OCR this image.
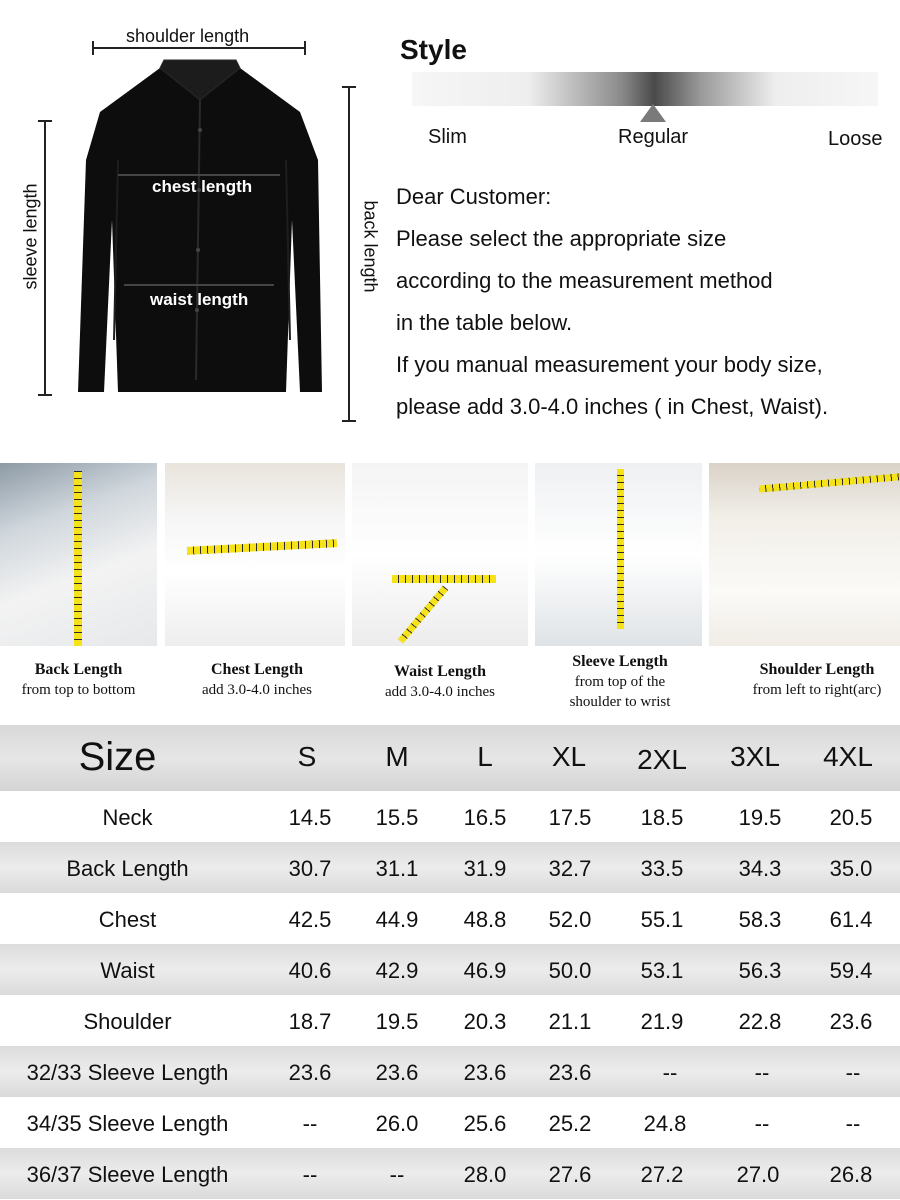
shoulder length
chest length
waist length
sleeve length	back length
Style
Slim	Regular	Loose
Dear Customer:
Please select the appropriate size
according to the measurement method
in the table below.
If you manual measurement your body size,
please add 3.0-4.0 inches ( in Chest, Waist).
Back Length
from top to bottom
Chest Length
add 3.0-4.0 inches
Waist Length
add 3.0-4.0 inches
Sleeve Length
from top of the
shoulder to wrist
Shoulder Length
from left to right(arc)
Size	S	M	L	XL	2XL	3XL	4XL
Neck	14.5	15.5	16.5	17.5	18.5	19.5	20.5
Back Length	30.7	31.1	31.9	32.7	33.5	34.3	35.0
Chest	42.5	44.9	48.8	52.0	55.1	58.3	61.4
Waist	40.6	42.9	46.9	50.0	53.1	56.3	59.4
Shoulder	18.7	19.5	20.3	21.1	21.9	22.8	23.6
32/33 Sleeve Length	23.6	23.6	23.6	23.6	--	--	--
34/35 Sleeve Length	--	26.0	25.6	25.2	24.8	--	--
36/37 Sleeve Length	--	--	28.0	27.6	27.2	27.0	26.8
